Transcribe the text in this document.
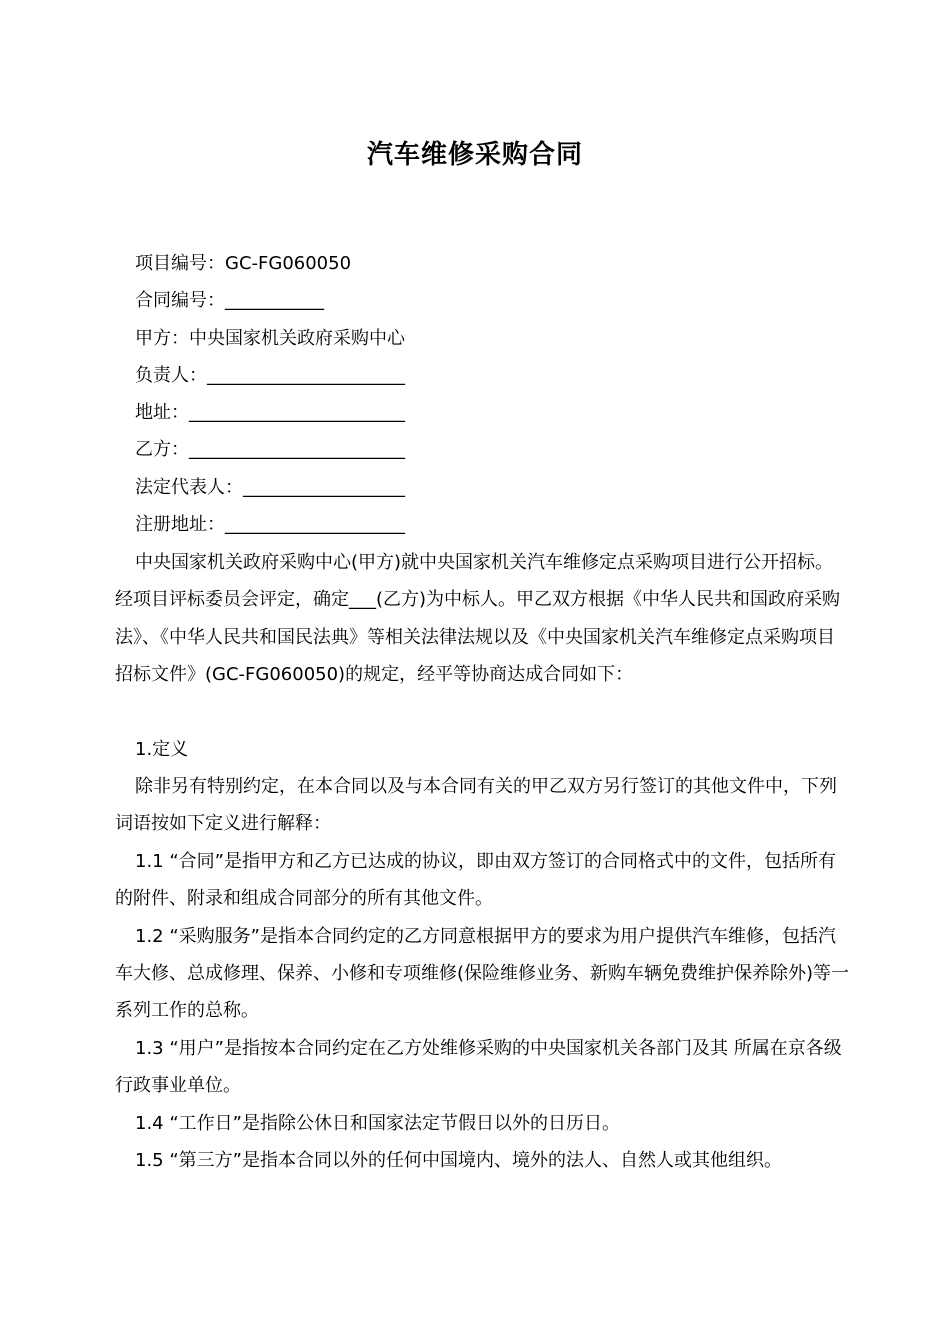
汽车维修采购合同
项目编号：GC-FG060050
合同编号：___________
甲方：中央国家机关政府采购中心
负责人：______________________
地址：________________________
乙方：________________________
法定代表人：__________________
注册地址：____________________

中央国家机关政府采购中心(甲方)就中央国家机关汽车维修定点采购项目进行公开招标。经项目评标委员会评定，确定___(乙方)为中标人。甲乙双方根据《中华人民共和国政府采购法》、《中华人民共和国民法典》等相关法律法规以及《中央国家机关汽车维修定点采购项目招标文件》(GC-FG060050)的规定，经平等协商达成合同如下：

1.定义

除非另有特别约定，在本合同以及与本合同有关的甲乙双方另行签订的其他文件中，下列词语按如下定义进行解释：

1.1 “合同”是指甲方和乙方已达成的协议，即由双方签订的合同格式中的文件，包括所有的附件、附录和组成合同部分的所有其他文件。

1.2 “采购服务”是指本合同约定的乙方同意根据甲方的要求为用户提供汽车维修，包括汽车大修、总成修理、保养、小修和专项维修(保险维修业务、新购车辆免费维护保养除外)等一系列工作的总称。

1.3 “用户”是指按本合同约定在乙方处维修采购的中央国家机关各部门及其 所属在京各级行政事业单位。

1.4 “工作日”是指除公休日和国家法定节假日以外的日历日。

1.5 “第三方”是指本合同以外的任何中国境内、境外的法人、自然人或其他组织。
